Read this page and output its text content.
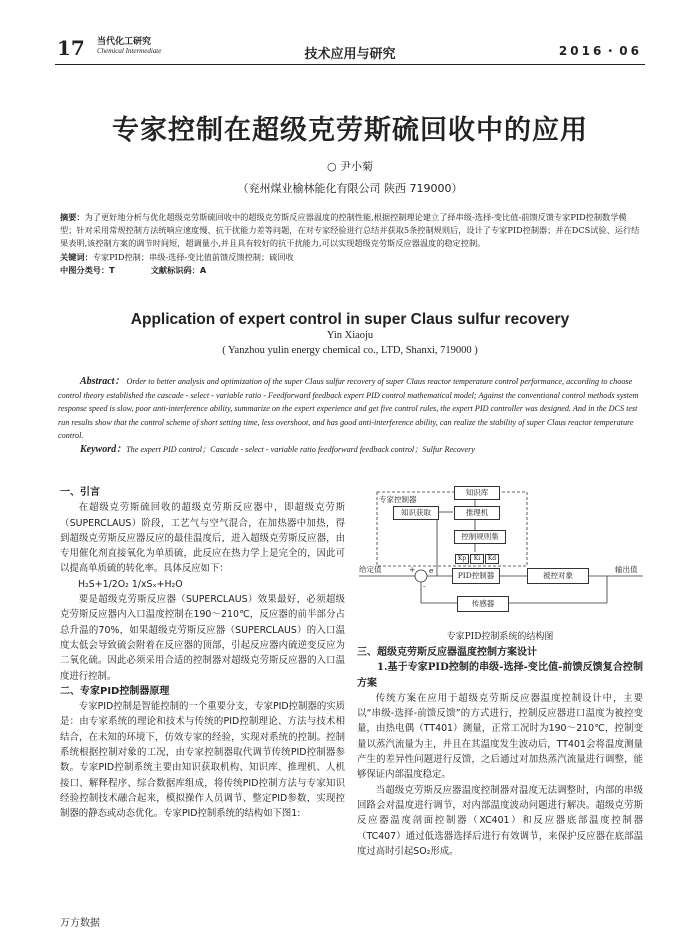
17 当代化工研究
Chemical Intermediate	技术应用与研究	2016・06
专家控制在超级克劳斯硫回收中的应用
○ 尹小菊
（兖州煤业榆林能化有限公司 陕西 719000）
摘要：为了更好地分析与优化超级克劳斯硫回收中的超级克劳斯反应器温度的控制性能,根据控制理论建立了择串级-选择-变比值-前馈反馈专家PID控制数学模型；针对采用常规控制方法统响应速度慢、抗干扰能力差等问题，在对专家经验进行总结并获取5条控制规则后，设计了专家PID控制器；并在DCS试验、运行结果表明,该控制方案的调节时间短，超调量小,并且具有较好的抗干扰能力,可以实现超级克劳斯反应器温度的稳定控制。
关键词：专家PID控制；串级-选择-变比值前馈反馈控制；硫回收
中图分类号：T	文献标识码：A
Application of expert control in super Claus sulfur recovery
Yin Xiaoju
( Yanzhou yulin energy chemical co., LTD, Shanxi, 719000 )
Abstract： Order to better analysis and optimization of the super Claus sulfur recovery of super Claus reactor temperature control performance, according to choose control theory established the cascade - select - variable ratio - Feedforward feedback expert PID control mathematical model; Against the conventional control methods system response speed is slow, poor anti-interference ability, summarize on the expert experience and get five control rules, the expert PID controller was designed. And in the DCS test run results show that the control scheme of short setting time, less overshoot, and has good anti-interference ability, can realize the stability of super Claus reactor temperature control.
Keyword：The expert PID control；Cascade - select - variable ratio feedforward feedback control；Sulfur Recovery
一、引言

在超级克劳斯硫回收的超级克劳斯反应器中，即超级克劳斯（SUPERCLAUS）阶段，工艺气与空气混合，在加热器中加热，得到超级克劳斯反应器反应的最佳温度后，进入超级克劳斯反应器，由专用催化剂直接氧化为单质硫，此反应在热力学上是完全的，因此可以提高单质硫的转化率。具体反应如下：

H₂S+1/2O₂ 1/xSₓ+H₂O

要是超级克劳斯反应器（SUPERCLAUS）效果最好，必须超级克劳斯反应器内入口温度控制在190～210℃，反应器的前半部分占总升温的70%，如果超级克劳斯反应器（SUPERCLAUS）的入口温度太低会导致硫会附着在反应器的顶部，引起反应器内硫逆变反应为二氧化硫。因此必须采用合适的控制器对超级克劳斯反应器的入口温度进行控制。

二、专家PID控制器原理

专家PID控制是智能控制的一个重要分支，专家PID控制器的实质是：由专家系统的理论和技术与传统的PID控制理论、方法与技术相结合，在未知的环境下，仿效专家的经验，实现对系统的控制。控制系统根据控制对象的工况，由专家控制器取代调节传统PID控制器参数。专家PID控制系统主要由知识获取机构、知识库、推理机、人机接口、解释程序、综合数据库组成，将传统PID控制方法与专家知识经验控制技术融合起来，模拟操作人员调节、整定PID参数，实现控制器的静态或动态优化。专家PID控制系统的结构如下图1:

专家控制器
知识库
知识获取	推理机
控制规则集
Kp	Ki	Kd
PID控制器	被控对象
传感器
给定值	输出值
e
+
-
专家PID控制系统的结构图
三、超级克劳斯反应器温度控制方案设计

1.基于专家PID控制的串级-选择-变比值-前馈反馈复合控制方案

传统方案在应用于超级克劳斯反应器温度控制设计中，主要以“串级-选择-前馈反馈”的方式进行，控制反应器进口温度为被控变量，由热电偶（TT401）测量，正常工况时为190～210℃，控制变量以蒸汽流量为主，并且在其温度发生波动后，TT401会将温度测量产生的差异性问题进行反馈，之后通过对加热蒸汽流量进行调整，能够保证内部温度稳定。

当超级克劳斯反应器温度控制器对温度无法调整时，内部的串级回路会对温度进行调节，对内部温度波动问题进行解决。超级克劳斯反应器温度剖面控制器（XC401）和反应器底部温度控制器（TC407）通过低选器选择后进行有效调节，来保护反应器在底部温度过高时引起SO₂形成。

万方数据
